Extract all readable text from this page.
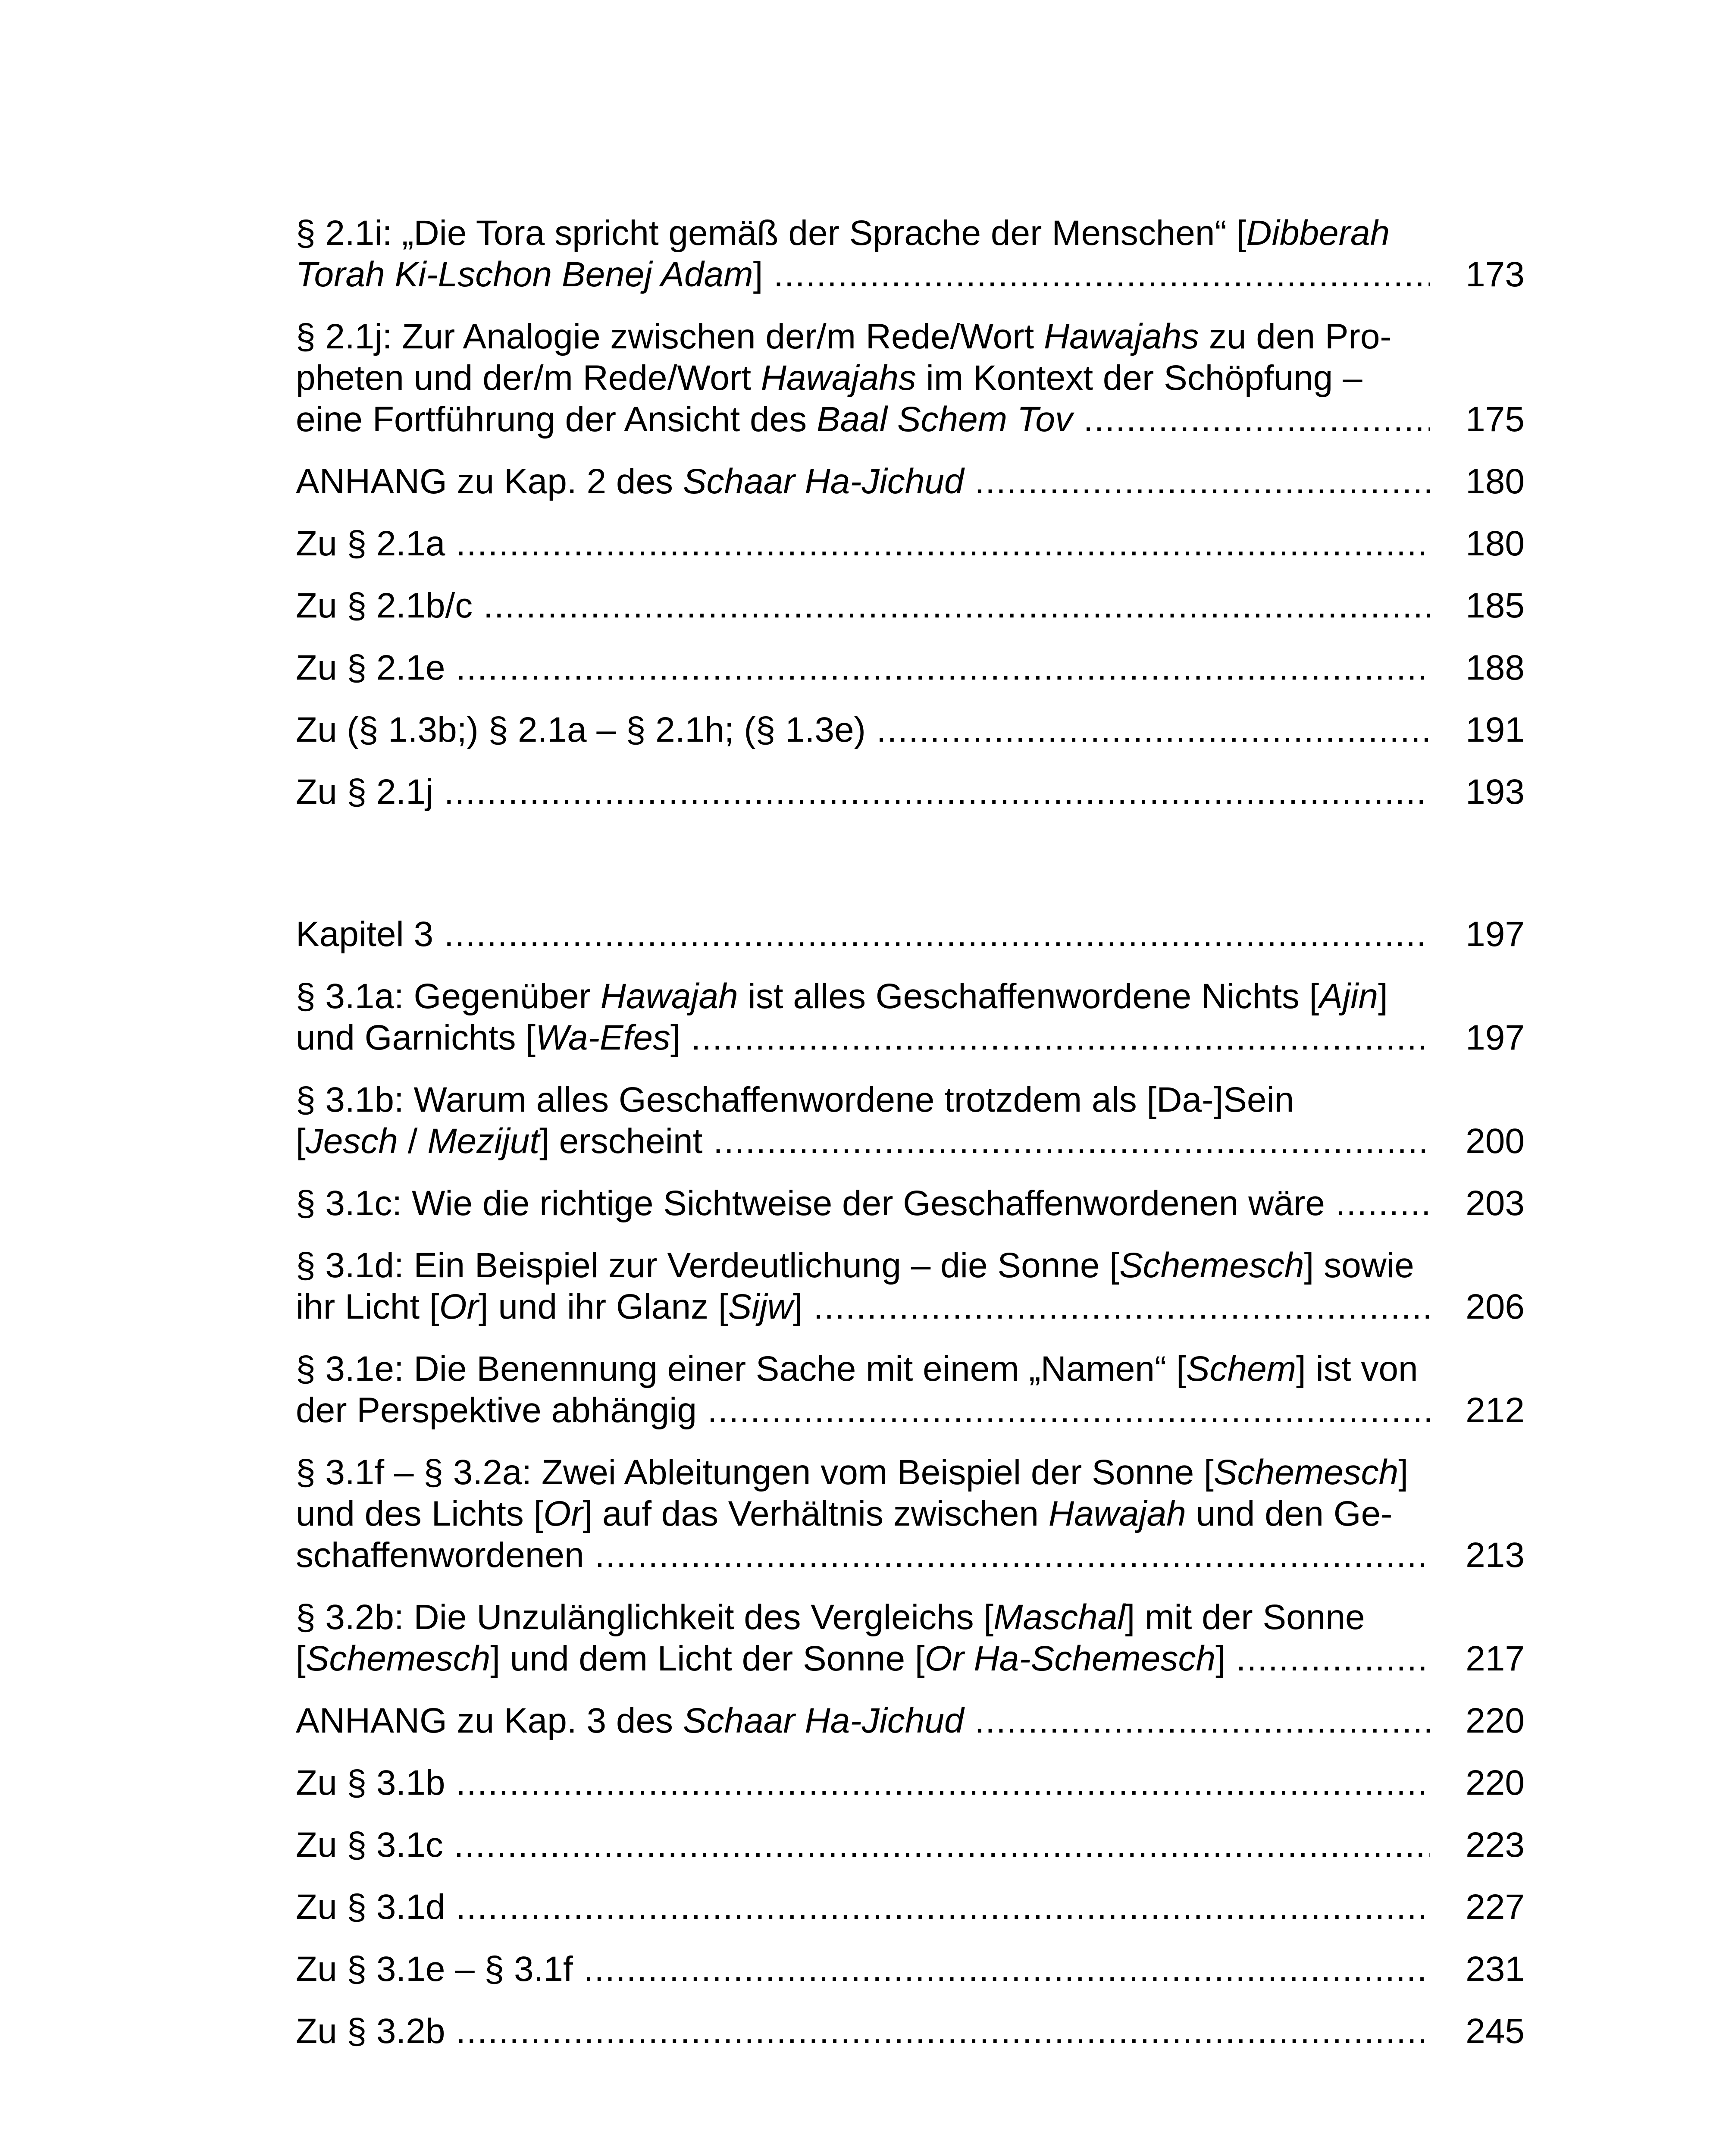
§ 2.1i: „Die Tora spricht gemäß der Sprache der Menschen“ [Dibberah
Torah Ki-Lschon Benej Adam] .....	173
§ 2.1j: Zur Analogie zwischen der/m Rede/Wort Hawajahs zu den Pro-
pheten und der/m Rede/Wort Hawajahs im Kontext der Schöpfung –
eine Fortführung der Ansicht des Baal Schem Tov .....	175
ANHANG zu Kap. 2 des Schaar Ha-Jichud .....	180
Zu § 2.1a .....	180
Zu § 2.1b/c .....	185
Zu § 2.1e .....	188
Zu (§ 1.3b;) § 2.1a – § 2.1h; (§ 1.3e) .....	191
Zu § 2.1j .....	193
Kapitel 3 .....	197
§ 3.1a: Gegenüber Hawajah ist alles Geschaffenwordene Nichts [Ajin]
und Garnichts [Wa-Efes] .....	197
§ 3.1b: Warum alles Geschaffenwordene trotzdem als [Da-]Sein
[Jesch / Mezijut] erscheint .....	200
§ 3.1c: Wie die richtige Sichtweise der Geschaffenwordenen wäre .....	203
§ 3.1d: Ein Beispiel zur Verdeutlichung – die Sonne [Schemesch] sowie
ihr Licht [Or] und ihr Glanz [Sijw] .....	206
§ 3.1e: Die Benennung einer Sache mit einem „Namen“ [Schem] ist von
der Perspektive abhängig .....	212
§ 3.1f – § 3.2a: Zwei Ableitungen vom Beispiel der Sonne [Schemesch]
und des Lichts [Or] auf das Verhältnis zwischen Hawajah und den Ge-
schaffenwordenen .....	213
§ 3.2b: Die Unzulänglichkeit des Vergleichs [Maschal] mit der Sonne
[Schemesch] und dem Licht der Sonne [Or Ha-Schemesch] .....	217
ANHANG zu Kap. 3 des Schaar Ha-Jichud .....	220
Zu § 3.1b .....	220
Zu § 3.1c .....	223
Zu § 3.1d .....	227
Zu § 3.1e – § 3.1f .....	231
Zu § 3.2b .....	245
